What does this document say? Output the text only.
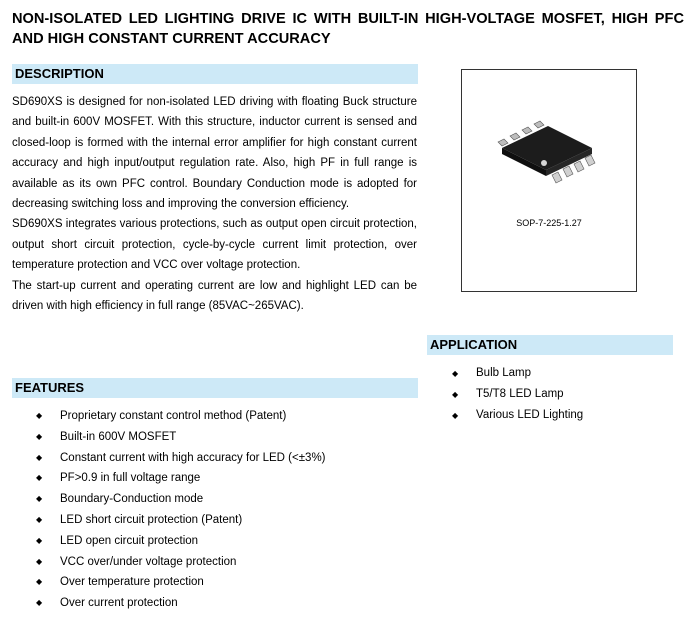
NON-ISOLATED LED LIGHTING DRIVE IC WITH BUILT-IN HIGH-VOLTAGE MOSFET, HIGH PFC AND HIGH CONSTANT CURRENT ACCURACY
DESCRIPTION

SD690XS is designed for non-isolated LED driving with floating Buck structure and built-in 600V MOSFET. With this structure, inductor current is sensed and closed-loop is formed with the internal error amplifier for high constant current accuracy and high input/output regulation rate. Also, high PF in full range is available as its own PFC control. Boundary Conduction mode is adopted for decreasing switching loss and improving the conversion efficiency.

SD690XS integrates various protections, such as output open circuit protection, output short circuit protection, cycle-by-cycle current limit protection, over temperature protection and VCC over voltage protection.

The start-up current and operating current are low and highlight LED can be driven with high efficiency in full range (85VAC~265VAC).

FEATURES
◆	Proprietary constant control method (Patent)
◆	Built-in 600V MOSFET
◆	Constant current with high accuracy for LED (<±3%)
◆	PF>0.9 in full voltage range
◆	Boundary-Conduction mode
◆	LED short circuit protection (Patent)
◆	LED open circuit protection
◆	VCC over/under voltage protection
◆	Over temperature protection
◆	Over current protection
SOP-7-225-1.27
APPLICATION
◆	Bulb Lamp
◆	T5/T8 LED Lamp
◆	Various LED Lighting
